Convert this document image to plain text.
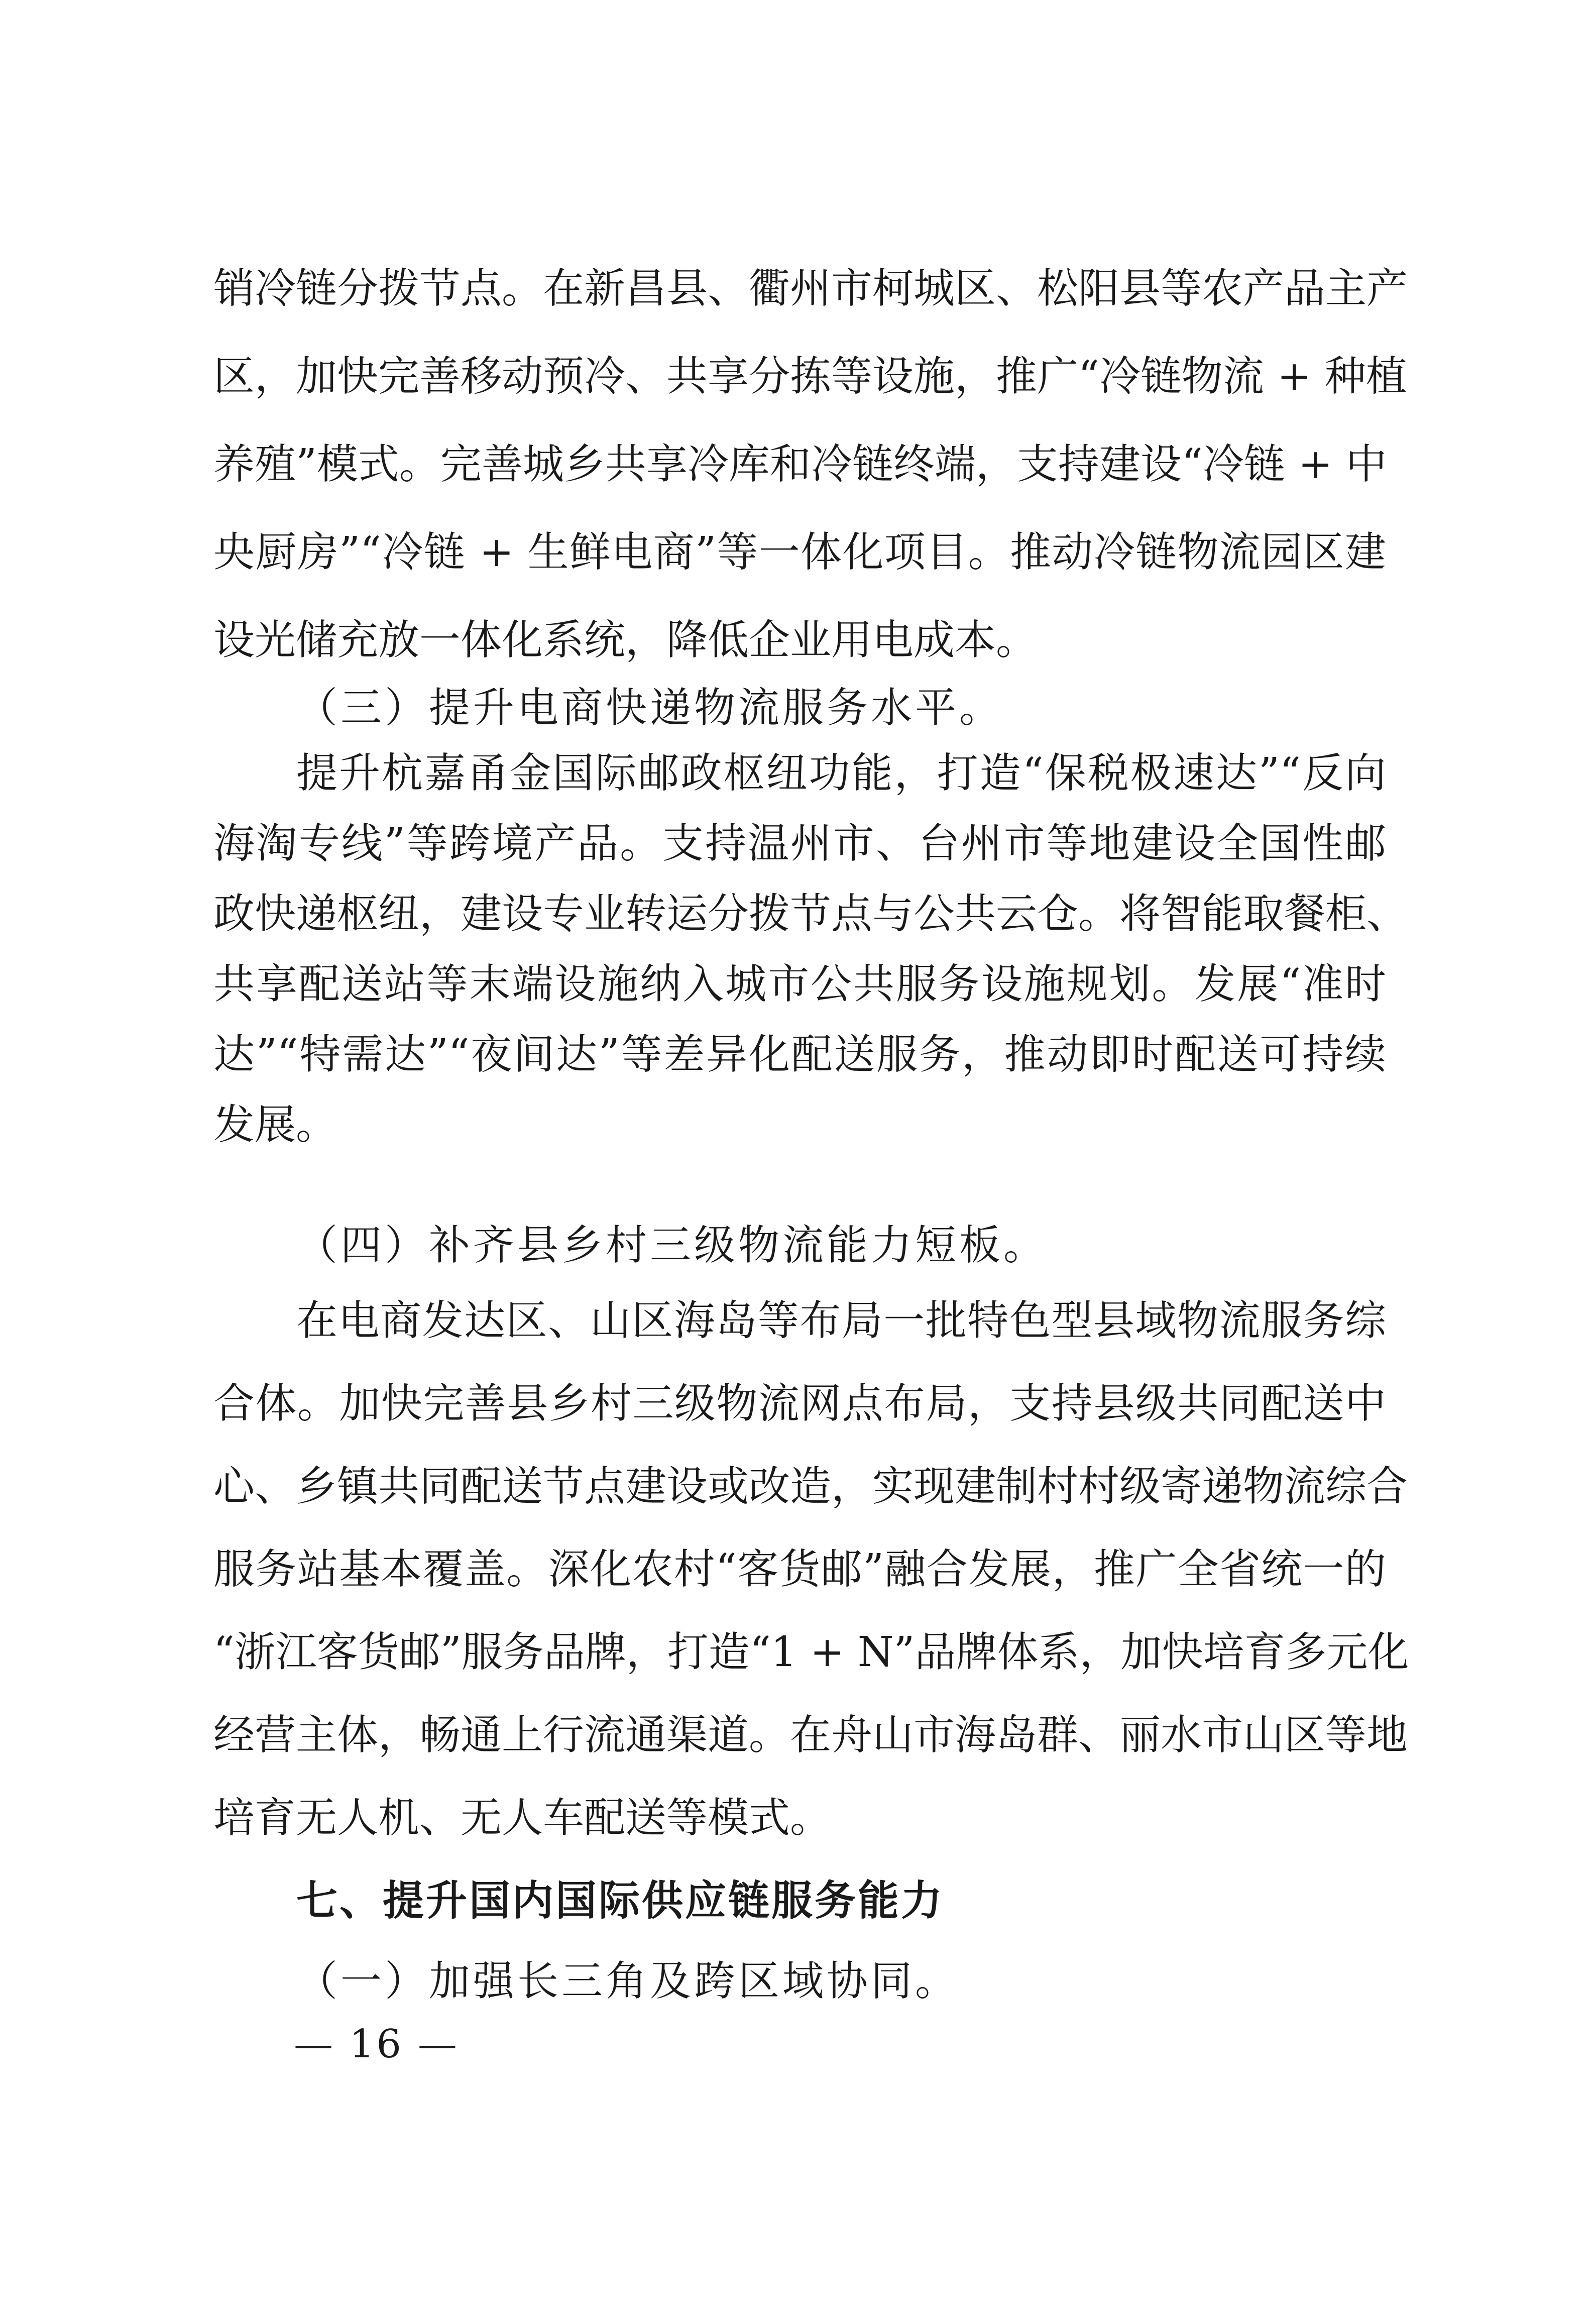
销冷链分拨节点。在新昌县、衢州市柯城区、松阳县等农产品主产
区，加快完善移动预冷、共享分拣等设施，推广“冷链物流 + 种植
养殖”模式。完善城乡共享冷库和冷链终端，支持建设“冷链 + 中
央厨房”“冷链 + 生鲜电商”等一体化项目。推动冷链物流园区建
设光储充放一体化系统，降低企业用电成本。
（三）提升电商快递物流服务水平。
提升杭嘉甬金国际邮政枢纽功能，打造“保税极速达”“反向
海淘专线”等跨境产品。支持温州市、台州市等地建设全国性邮
政快递枢纽，建设专业转运分拨节点与公共云仓。将智能取餐柜、
共享配送站等末端设施纳入城市公共服务设施规划。发展“准时
达”“特需达”“夜间达”等差异化配送服务，推动即时配送可持续
发展。
（四）补齐县乡村三级物流能力短板。
在电商发达区、山区海岛等布局一批特色型县域物流服务综
合体。加快完善县乡村三级物流网点布局，支持县级共同配送中
心、乡镇共同配送节点建设或改造，实现建制村村级寄递物流综合
服务站基本覆盖。深化农村“客货邮”融合发展，推广全省统一的
“浙江客货邮”服务品牌，打造“1 + N”品牌体系，加快培育多元化
经营主体，畅通上行流通渠道。在舟山市海岛群、丽水市山区等地
培育无人机、无人车配送等模式。
七、提升国内国际供应链服务能力
（一）加强长三角及跨区域协同。
— 16 —
